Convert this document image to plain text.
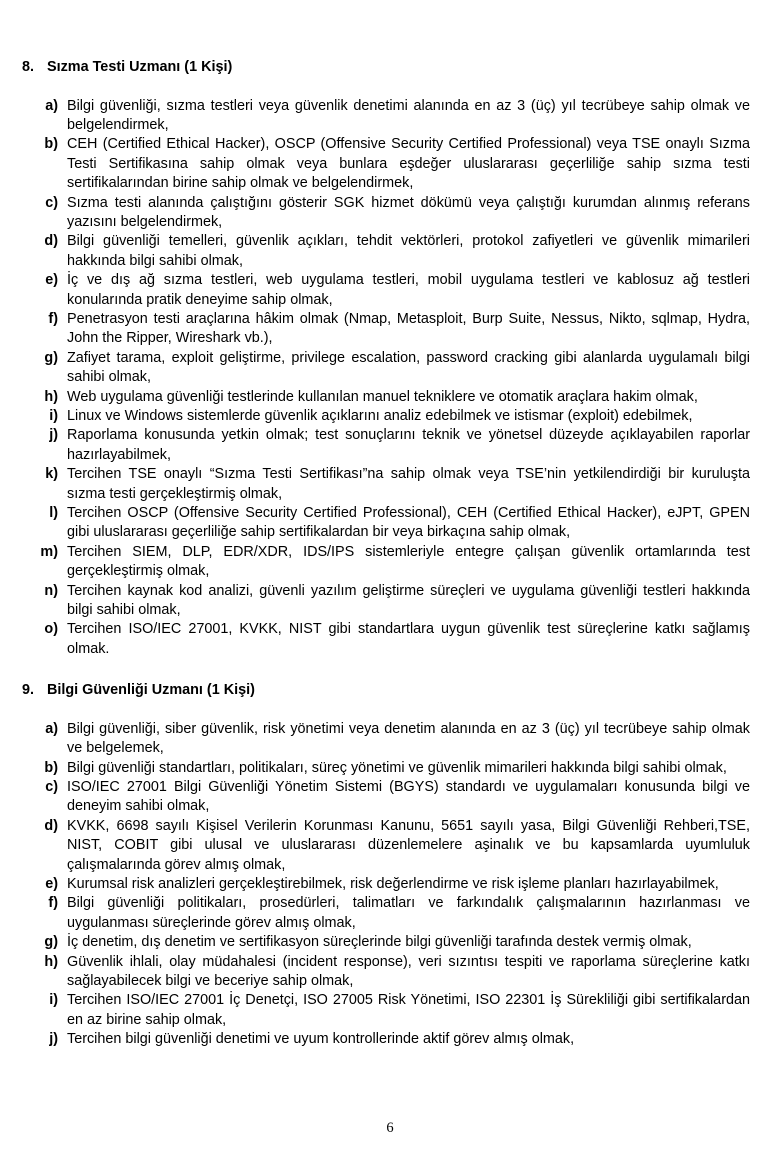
8. Sızma Testi Uzmanı (1 Kişi)
a) Bilgi güvenliği, sızma testleri veya güvenlik denetimi alanında en az 3 (üç) yıl tecrübeye sahip olmak ve belgelendirmek,
b) CEH (Certified Ethical Hacker), OSCP (Offensive Security Certified Professional) veya TSE onaylı Sızma Testi Sertifikasına sahip olmak veya bunlara eşdeğer uluslararası geçerliliğe sahip sızma testi sertifikalarından birine sahip olmak ve belgelendirmek,
c) Sızma testi alanında çalıştığını gösterir SGK hizmet dökümü veya çalıştığı kurumdan alınmış referans yazısını belgelendirmek,
d) Bilgi güvenliği temelleri, güvenlik açıkları, tehdit vektörleri, protokol zafiyetleri ve güvenlik mimarileri hakkında bilgi sahibi olmak,
e) İç ve dış ağ sızma testleri, web uygulama testleri, mobil uygulama testleri ve kablosuz ağ testleri konularında pratik deneyime sahip olmak,
f) Penetrasyon testi araçlarına hâkim olmak (Nmap, Metasploit, Burp Suite, Nessus, Nikto, sqlmap, Hydra, John the Ripper, Wireshark vb.),
g) Zafiyet tarama, exploit geliştirme, privilege escalation, password cracking gibi alanlarda uygulamalı bilgi sahibi olmak,
h) Web uygulama güvenliği testlerinde kullanılan manuel tekniklere ve otomatik araçlara hakim olmak,
i) Linux ve Windows sistemlerde güvenlik açıklarını analiz edebilmek ve istismar (exploit) edebilmek,
j) Raporlama konusunda yetkin olmak; test sonuçlarını teknik ve yönetsel düzeyde açıklayabilen raporlar hazırlayabilmek,
k) Tercihen TSE onaylı “Sızma Testi Sertifikası”na sahip olmak veya TSE’nin yetkilendirdiği bir kuruluşta sızma testi gerçekleştirmiş olmak,
l) Tercihen OSCP (Offensive Security Certified Professional), CEH (Certified Ethical Hacker), eJPT, GPEN gibi uluslararası geçerliliğe sahip sertifikalardan bir veya birkaçına sahip olmak,
m) Tercihen SIEM, DLP, EDR/XDR, IDS/IPS sistemleriyle entegre çalışan güvenlik ortamlarında test gerçekleştirmiş olmak,
n) Tercihen kaynak kod analizi, güvenli yazılım geliştirme süreçleri ve uygulama güvenliği testleri hakkında bilgi sahibi olmak,
o) Tercihen ISO/IEC 27001, KVKK, NIST gibi standartlara uygun güvenlik test süreçlerine katkı sağlamış olmak.
9. Bilgi Güvenliği Uzmanı (1 Kişi)
a) Bilgi güvenliği, siber güvenlik, risk yönetimi veya denetim alanında en az 3 (üç) yıl tecrübeye sahip olmak ve belgelemek,
b) Bilgi güvenliği standartları, politikaları, süreç yönetimi ve güvenlik mimarileri hakkında bilgi sahibi olmak,
c) ISO/IEC 27001 Bilgi Güvenliği Yönetim Sistemi (BGYS) standardı ve uygulamaları konusunda bilgi ve deneyim sahibi olmak,
d) KVKK, 6698 sayılı Kişisel Verilerin Korunması Kanunu, 5651 sayılı yasa, Bilgi Güvenliği Rehberi,TSE, NIST, COBIT gibi ulusal ve uluslararası düzenlemelere aşinalık ve bu kapsamlarda uyumluluk çalışmalarında görev almış olmak,
e) Kurumsal risk analizleri gerçekleştirebilmek, risk değerlendirme ve risk işleme planları hazırlayabilmek,
f) Bilgi güvenliği politikaları, prosedürleri, talimatları ve farkındalık çalışmalarının hazırlanması ve uygulanması süreçlerinde görev almış olmak,
g) İç denetim, dış denetim ve sertifikasyon süreçlerinde bilgi güvenliği tarafında destek vermiş olmak,
h) Güvenlik ihlali, olay müdahalesi (incident response), veri sızıntısı tespiti ve raporlama süreçlerine katkı sağlayabilecek bilgi ve beceriye sahip olmak,
i) Tercihen ISO/IEC 27001 İç Denetçi, ISO 27005 Risk Yönetimi, ISO 22301 İş Sürekliliği gibi sertifikalardan en az birine sahip olmak,
j) Tercihen bilgi güvenliği denetimi ve uyum kontrollerinde aktif görev almış olmak,
6
